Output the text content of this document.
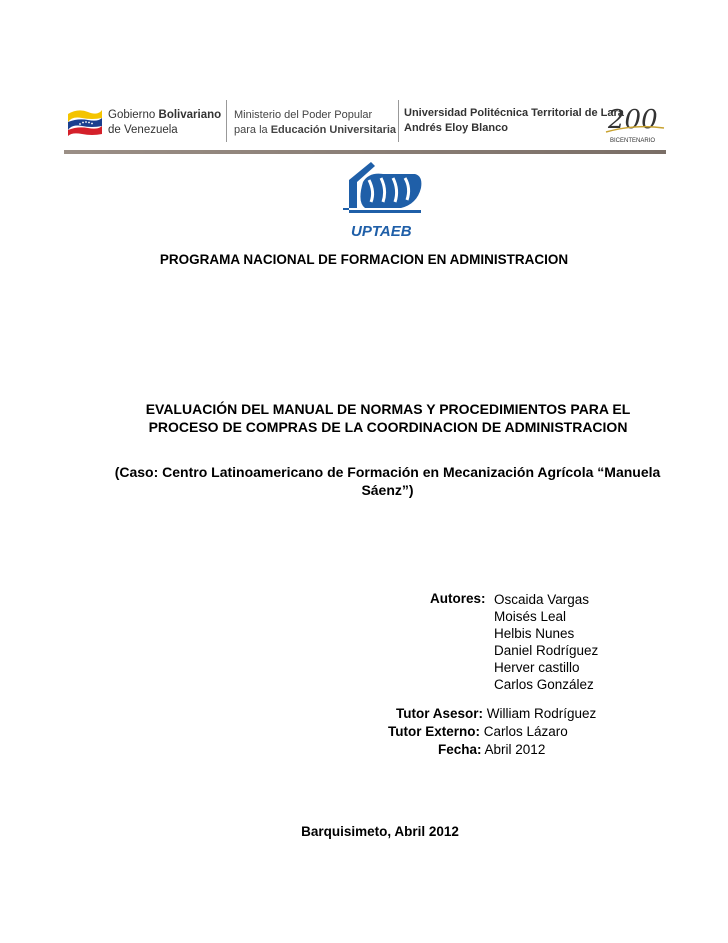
Gobierno Bolivariano
de Venezuela
Ministerio del Poder Popular
para la Educación Universitaria
Universidad Politécnica Territorial de Lara
Andrés Eloy Blanco	200
BICENTENARIO
UPTAEB
PROGRAMA NACIONAL DE FORMACION EN ADMINISTRACION
EVALUACIÓN DEL MANUAL DE NORMAS Y PROCEDIMIENTOS PARA EL PROCESO DE COMPRAS DE LA COORDINACION DE ADMINISTRACION
(Caso: Centro Latinoamericano de Formación en Mecanización Agrícola “Manuela Sáenz”)
Autores: Oscaida Vargas
Moisés Leal
Helbis Nunes
Daniel Rodríguez
Herver castillo
Carlos González
Tutor Asesor: William Rodríguez
Tutor Externo: Carlos Lázaro
Fecha: Abril 2012
Barquisimeto, Abril 2012
